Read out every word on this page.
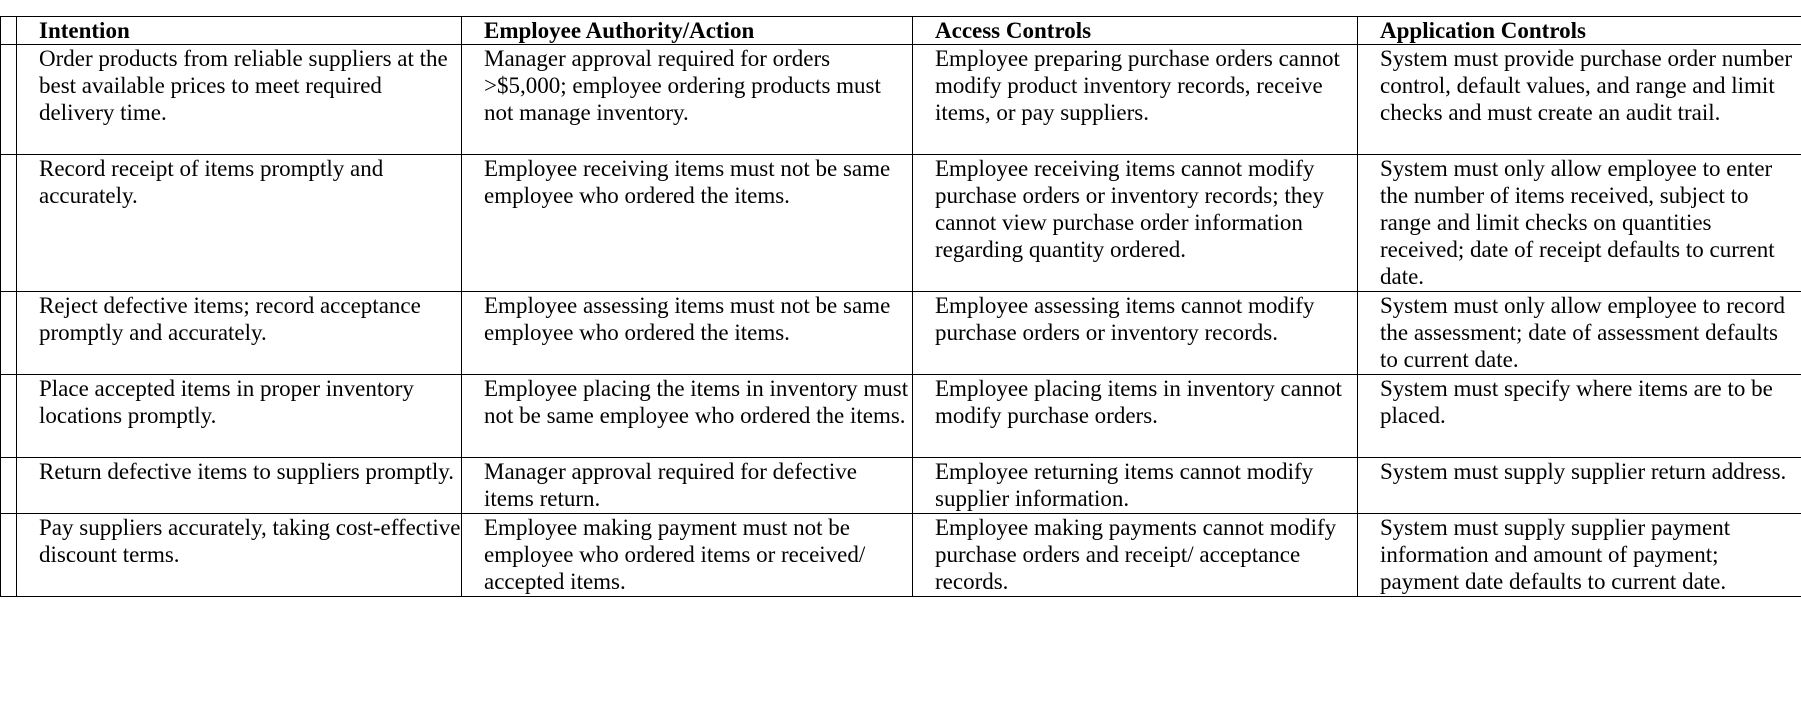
	Intention	Employee Authority/Action	Access Controls	Application Controls
	Order products from reliable suppliers at the best available prices to meet required delivery time.	Manager approval required for orders >$5,000; employee ordering products must not manage inventory.	Employee preparing purchase orders cannot modify product inventory records, receive items, or pay suppliers.	System must provide purchase order number control, default values, and range and limit checks and must create an audit trail.
	Record receipt of items promptly and accurately.	Employee receiving items must not be same employee who ordered the items.	Employee receiving items cannot modify purchase orders or inventory records; they cannot view purchase order information regarding quantity ordered.	System must only allow employee to enter the number of items received, subject to range and limit checks on quantities received; date of receipt defaults to current date.
	Reject defective items; record acceptance promptly and accurately.	Employee assessing items must not be same employee who ordered the items.	Employee assessing items cannot modify purchase orders or inventory records.	System must only allow employee to record the assessment; date of assessment defaults to current date.
	Place accepted items in proper inventory locations promptly.	Employee placing the items in inventory must not be same employee who ordered the items.	Employee placing items in inventory cannot modify purchase orders.	System must specify where items are to be placed.
	Return defective items to suppliers promptly.	Manager approval required for defective items return.	Employee returning items cannot modify supplier information.	System must supply supplier return address.
	Pay suppliers accurately, taking cost-effective discount terms.	Employee making payment must not be employee who ordered items or received/ accepted items.	Employee making payments cannot modify purchase orders and receipt/ acceptance records.	System must supply supplier payment information and amount of payment; payment date defaults to current date.
